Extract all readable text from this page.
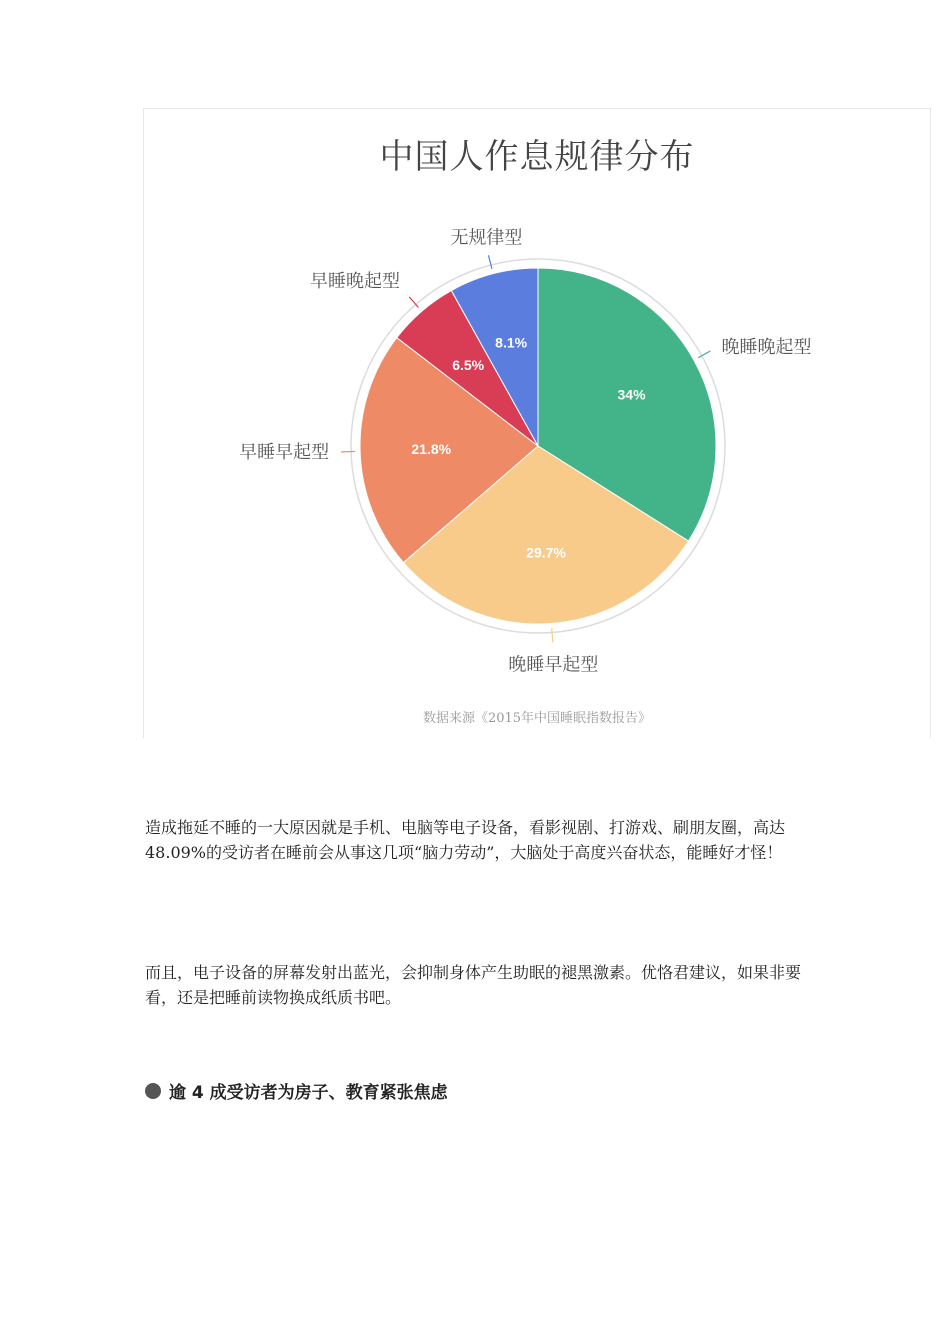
中国人作息规律分布
34%
晚睡晚起型
29.7%
晚睡早起型
21.8%
早睡早起型
6.5%
早睡晚起型
8.1%
无规律型
数据来源《2015年中国睡眠指数报告》

造成拖延不睡的一大原因就是手机、电脑等电子设备，看影视剧、打游戏、刷朋友圈，高达 48.09%的受访者在睡前会从事这几项“脑力劳动”，大脑处于高度兴奋状态，能睡好才怪！

而且，电子设备的屏幕发射出蓝光，会抑制身体产生助眠的褪黑激素。优恪君建议，如果非要看，还是把睡前读物换成纸质书吧。

逾 4 成受访者为房子、教育紧张焦虑
